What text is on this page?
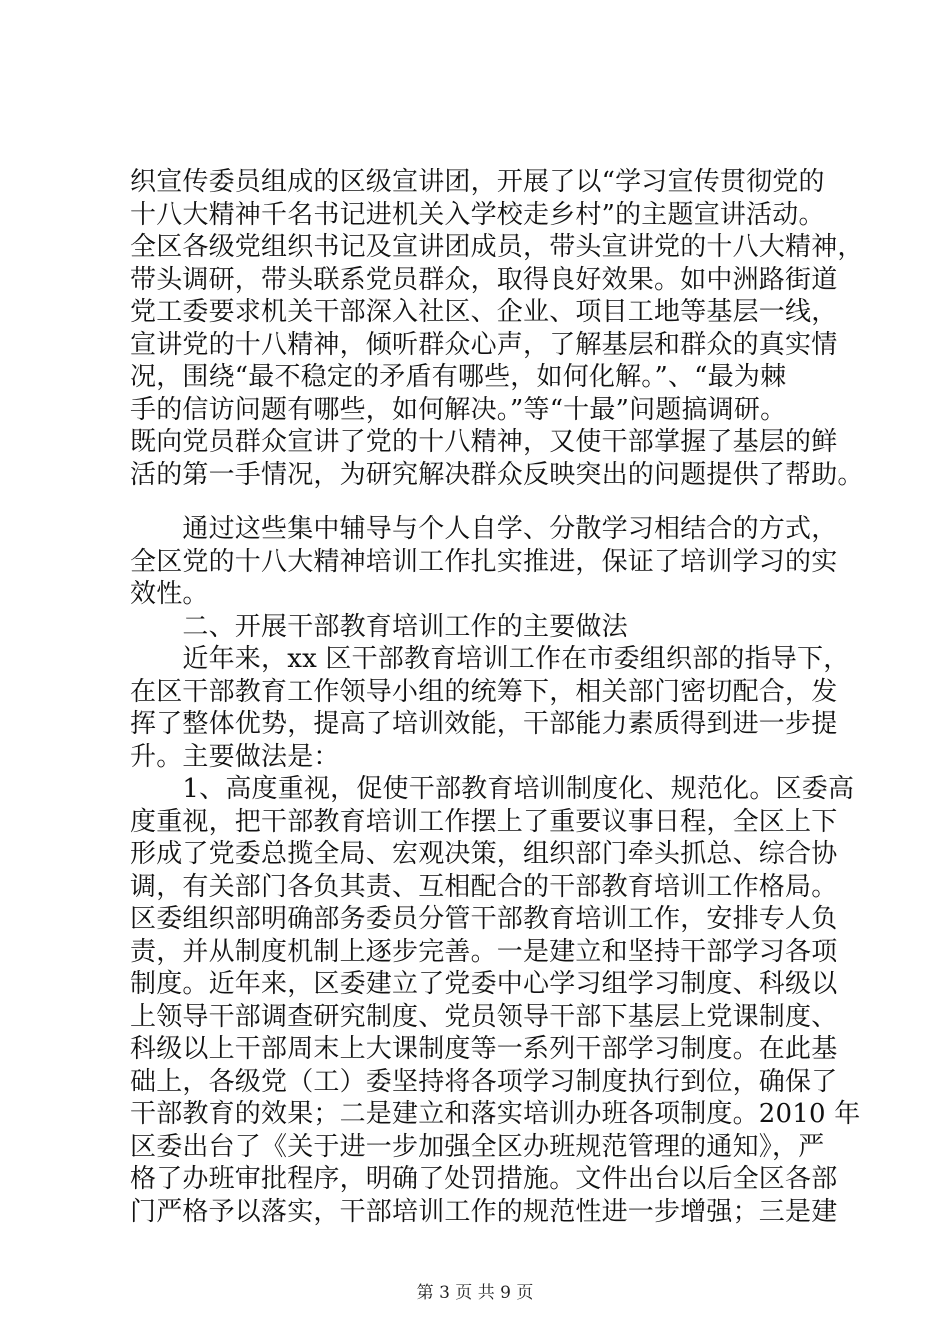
织宣传委员组成的区级宣讲团，开展了以“学习宣传贯彻党的
十八大精神千名书记进机关入学校走乡村”的主题宣讲活动。
全区各级党组织书记及宣讲团成员，带头宣讲党的十八大精神，
带头调研，带头联系党员群众，取得良好效果。如中洲路街道
党工委要求机关干部深入社区、企业、项目工地等基层一线，
宣讲党的十八精神，倾听群众心声，了解基层和群众的真实情
况，围绕“最不稳定的矛盾有哪些，如何化解。”、“最为棘
手的信访问题有哪些，如何解决。”等“十最”问题搞调研。
既向党员群众宣讲了党的十八精神，又使干部掌握了基层的鲜
活的第一手情况，为研究解决群众反映突出的问题提供了帮助。
　　通过这些集中辅导与个人自学、分散学习相结合的方式，
全区党的十八大精神培训工作扎实推进，保证了培训学习的实
效性。
　　二、开展干部教育培训工作的主要做法
　　近年来，xx 区干部教育培训工作在市委组织部的指导下，
在区干部教育工作领导小组的统筹下，相关部门密切配合，发
挥了整体优势，提高了培训效能，干部能力素质得到进一步提
升。主要做法是：
　　1、高度重视，促使干部教育培训制度化、规范化。区委高
度重视，把干部教育培训工作摆上了重要议事日程，全区上下
形成了党委总揽全局、宏观决策，组织部门牵头抓总、综合协
调，有关部门各负其责、互相配合的干部教育培训工作格局。
区委组织部明确部务委员分管干部教育培训工作，安排专人负
责，并从制度机制上逐步完善。一是建立和坚持干部学习各项
制度。近年来，区委建立了党委中心学习组学习制度、科级以
上领导干部调查研究制度、党员领导干部下基层上党课制度、
科级以上干部周末上大课制度等一系列干部学习制度。在此基
础上，各级党（工）委坚持将各项学习制度执行到位，确保了
干部教育的效果；二是建立和落实培训办班各项制度。2010 年
区委出台了《关于进一步加强全区办班规范管理的通知》，严
格了办班审批程序，明确了处罚措施。文件出台以后全区各部
门严格予以落实，干部培训工作的规范性进一步增强；三是建
第 3 页 共 9 页
